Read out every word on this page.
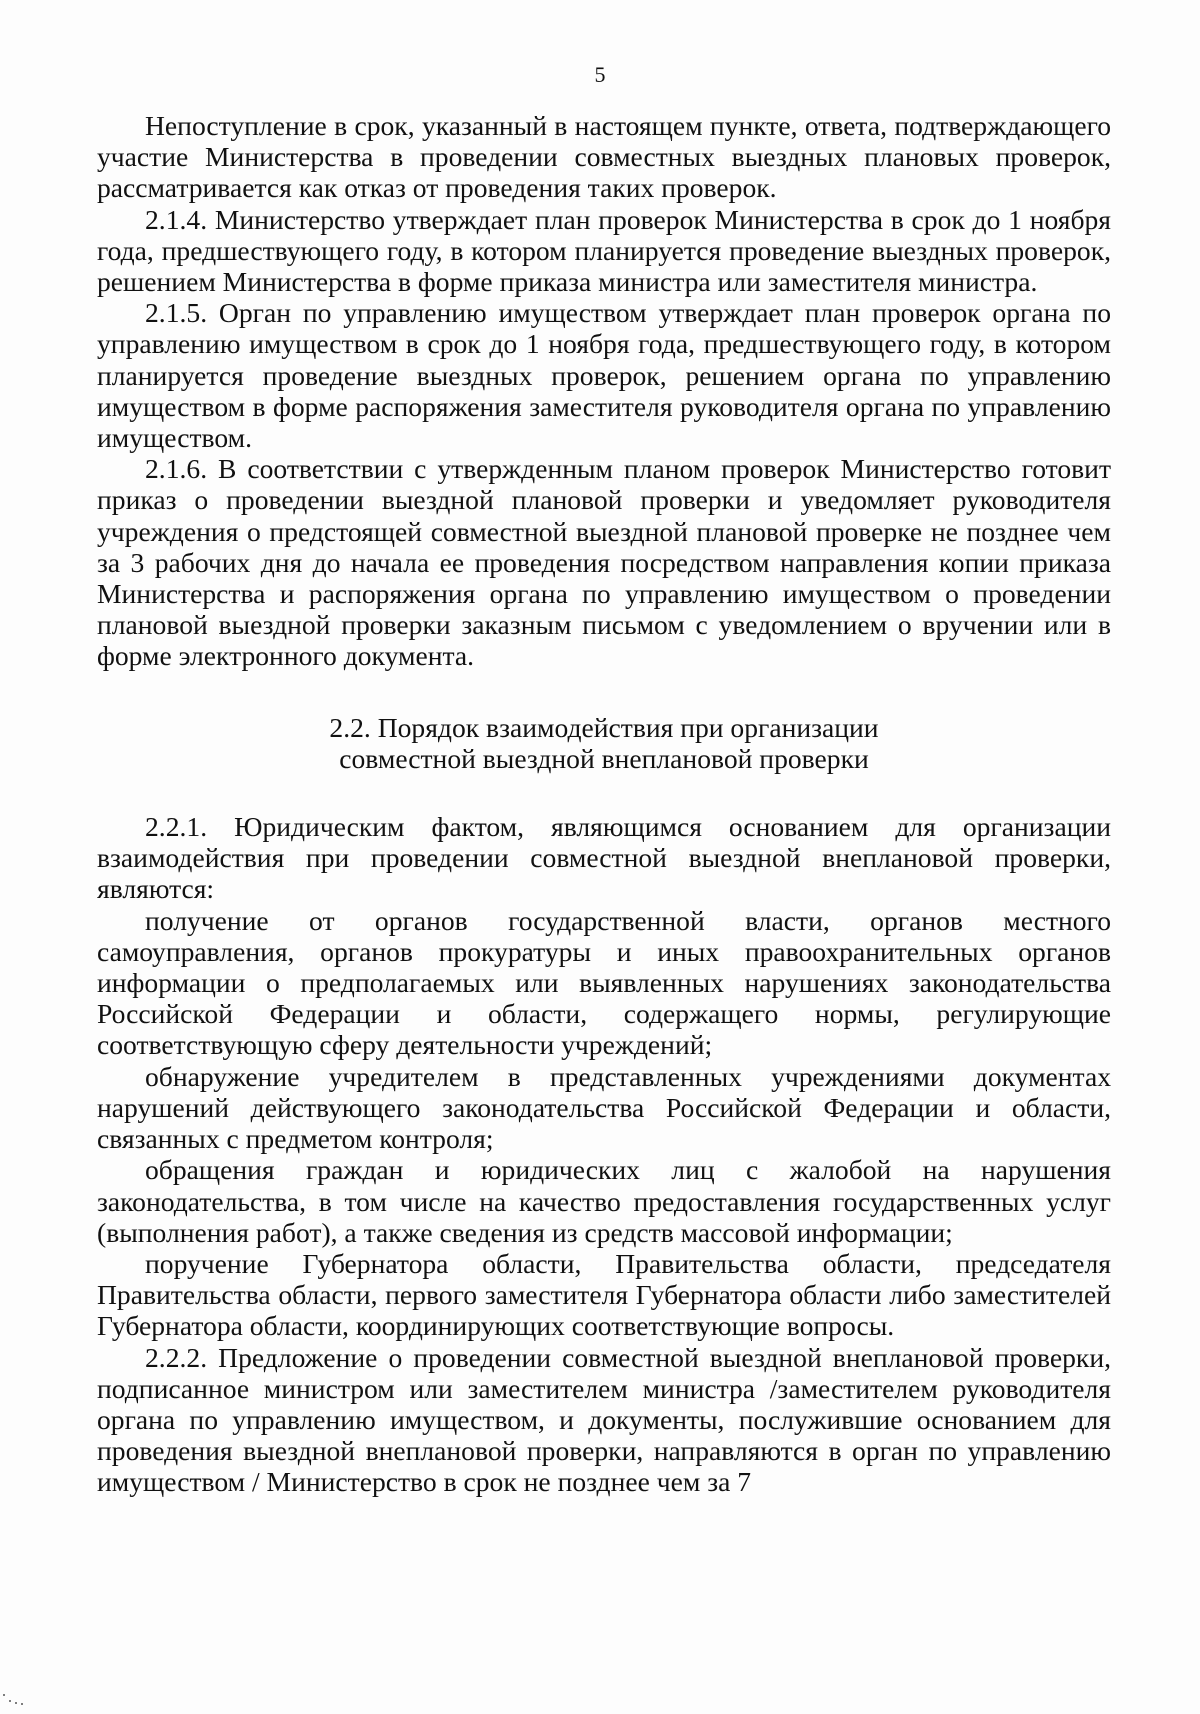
5

Непоступление в срок, указанный в настоящем пункте, ответа, подтверждающего участие Министерства в проведении совместных выездных плановых проверок, рассматривается как отказ от проведения таких проверок.

2.1.4. Министерство утверждает план проверок Министерства в срок до 1 ноября года, предшествующего году, в котором планируется проведение выездных проверок, решением Министерства в форме приказа министра или заместителя министра.

2.1.5. Орган по управлению имуществом утверждает план проверок органа по управлению имуществом в срок до 1 ноября года, предшествующего году, в котором планируется проведение выездных проверок, решением органа по управлению имуществом в форме распоряжения заместителя руководителя органа по управлению имуществом.

2.1.6. В соответствии с утвержденным планом проверок Министерство готовит приказ о проведении выездной плановой проверки и уведомляет руководителя учреждения о предстоящей совместной выездной плановой проверке не позднее чем за 3 рабочих дня до начала ее проведения посредством направления копии приказа Министерства и распоряжения органа по управлению имуществом о проведении плановой выездной проверки заказным письмом с уведомлением о вручении или в форме электронного документа.

2.2. Порядок взаимодействия при организации
совместной выездной внеплановой проверки

2.2.1. Юридическим фактом, являющимся основанием для организации взаимодействия при проведении совместной выездной внеплановой проверки, являются:

получение от органов государственной власти, органов местного самоуправления, органов прокуратуры и иных правоохранительных органов информации о предполагаемых или выявленных нарушениях законодательства Российской Федерации и области, содержащего нормы, регулирующие соответствующую сферу деятельности учреждений;

обнаружение учредителем в представленных учреждениями документах нарушений действующего законодательства Российской Федерации и области, связанных с предметом контроля;

обращения граждан и юридических лиц с жалобой на нарушения законодательства, в том числе на качество предоставления государственных услуг (выполнения работ), а также сведения из средств массовой информации;

поручение Губернатора области, Правительства области, председателя Правительства области, первого заместителя Губернатора области либо заместителей Губернатора области, координирующих соответствующие вопросы.

2.2.2. Предложение о проведении совместной выездной внеплановой проверки, подписанное министром или заместителем министра /заместителем руководителя органа по управлению имуществом, и документы, послужившие основанием для проведения выездной внеплановой проверки, направляются в орган по управлению имуществом / Министерство в срок не позднее чем за 7
